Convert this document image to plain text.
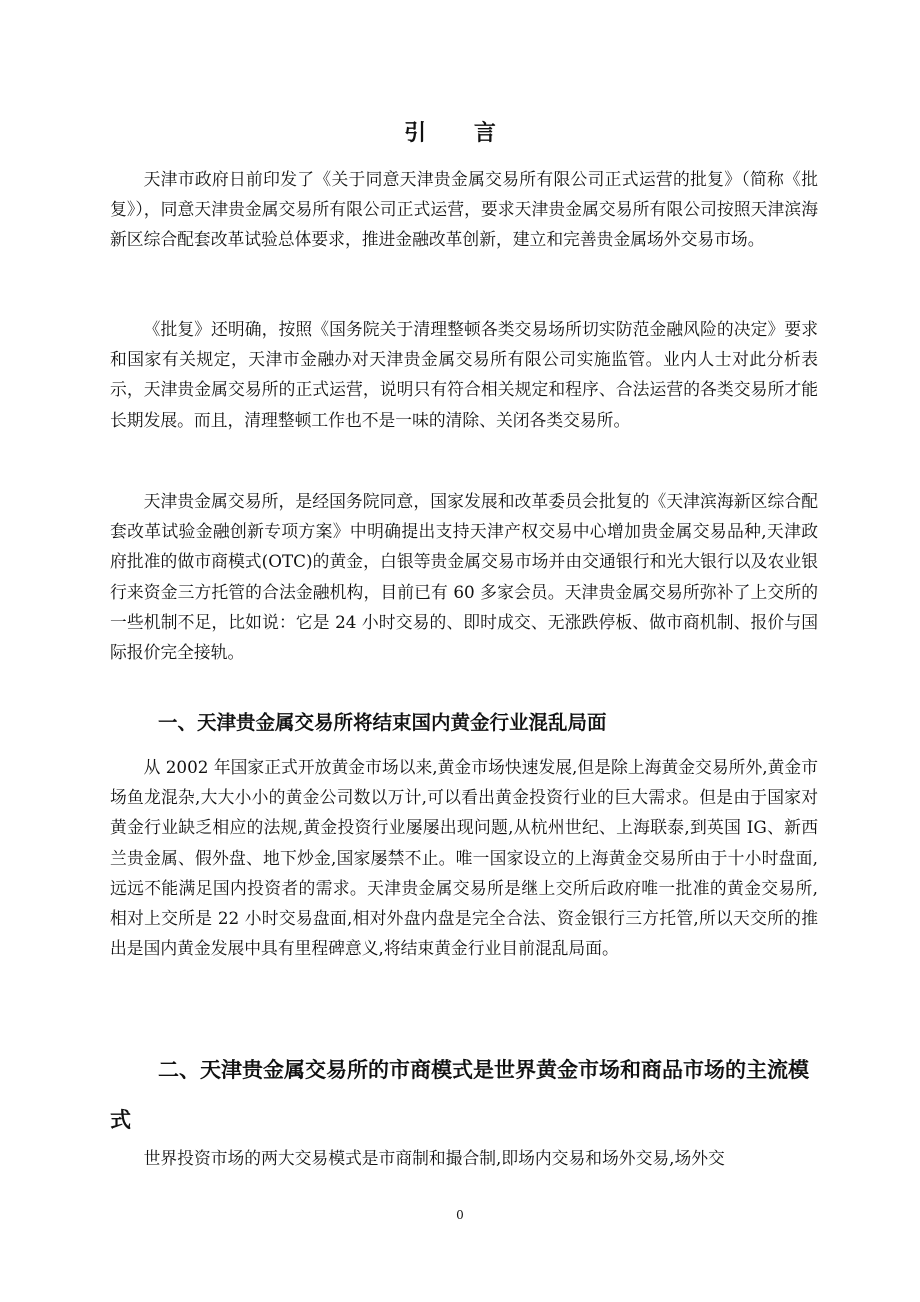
引 言

天津市政府日前印发了《关于同意天津贵金属交易所有限公司正式运营的批复》（简称《批复》），同意天津贵金属交易所有限公司正式运营，要求天津贵金属交易所有限公司按照天津滨海新区综合配套改革试验总体要求，推进金融改革创新，建立和完善贵金属场外交易市场。

《批复》还明确，按照《国务院关于清理整顿各类交易场所切实防范金融风险的决定》要求和国家有关规定，天津市金融办对天津贵金属交易所有限公司实施监管。业内人士对此分析表示，天津贵金属交易所的正式运营，说明只有符合相关规定和程序、合法运营的各类交易所才能长期发展。而且，清理整顿工作也不是一味的清除、关闭各类交易所。

天津贵金属交易所，是经国务院同意，国家发展和改革委员会批复的《天津滨海新区综合配套改革试验金融创新专项方案》中明确提出支持天津产权交易中心增加贵金属交易品种,天津政府批准的做市商模式(OTC)的黄金，白银等贵金属交易市场并由交通银行和光大银行以及农业银行来资金三方托管的合法金融机构，目前已有 60 多家会员。天津贵金属交易所弥补了上交所的一些机制不足，比如说：它是 24 小时交易的、即时成交、无涨跌停板、做市商机制、报价与国际报价完全接轨。

一、天津贵金属交易所将结束国内黄金行业混乱局面

从 2002 年国家正式开放黄金市场以来,黄金市场快速发展,但是除上海黄金交易所外,黄金市场鱼龙混杂,大大小小的黄金公司数以万计,可以看出黄金投资行业的巨大需求。但是由于国家对黄金行业缺乏相应的法规,黄金投资行业屡屡出现问题,从杭州世纪、上海联泰,到英国 IG、新西兰贵金属、假外盘、地下炒金,国家屡禁不止。唯一国家设立的上海黄金交易所由于十小时盘面,远远不能满足国内投资者的需求。天津贵金属交易所是继上交所后政府唯一批准的黄金交易所,相对上交所是 22 小时交易盘面,相对外盘内盘是完全合法、资金银行三方托管,所以天交所的推出是国内黄金发展中具有里程碑意义,将结束黄金行业目前混乱局面。

二、天津贵金属交易所的市商模式是世界黄金市场和商品市场的主流模式

世界投资市场的两大交易模式是市商制和撮合制,即场内交易和场外交易,场外交

0
